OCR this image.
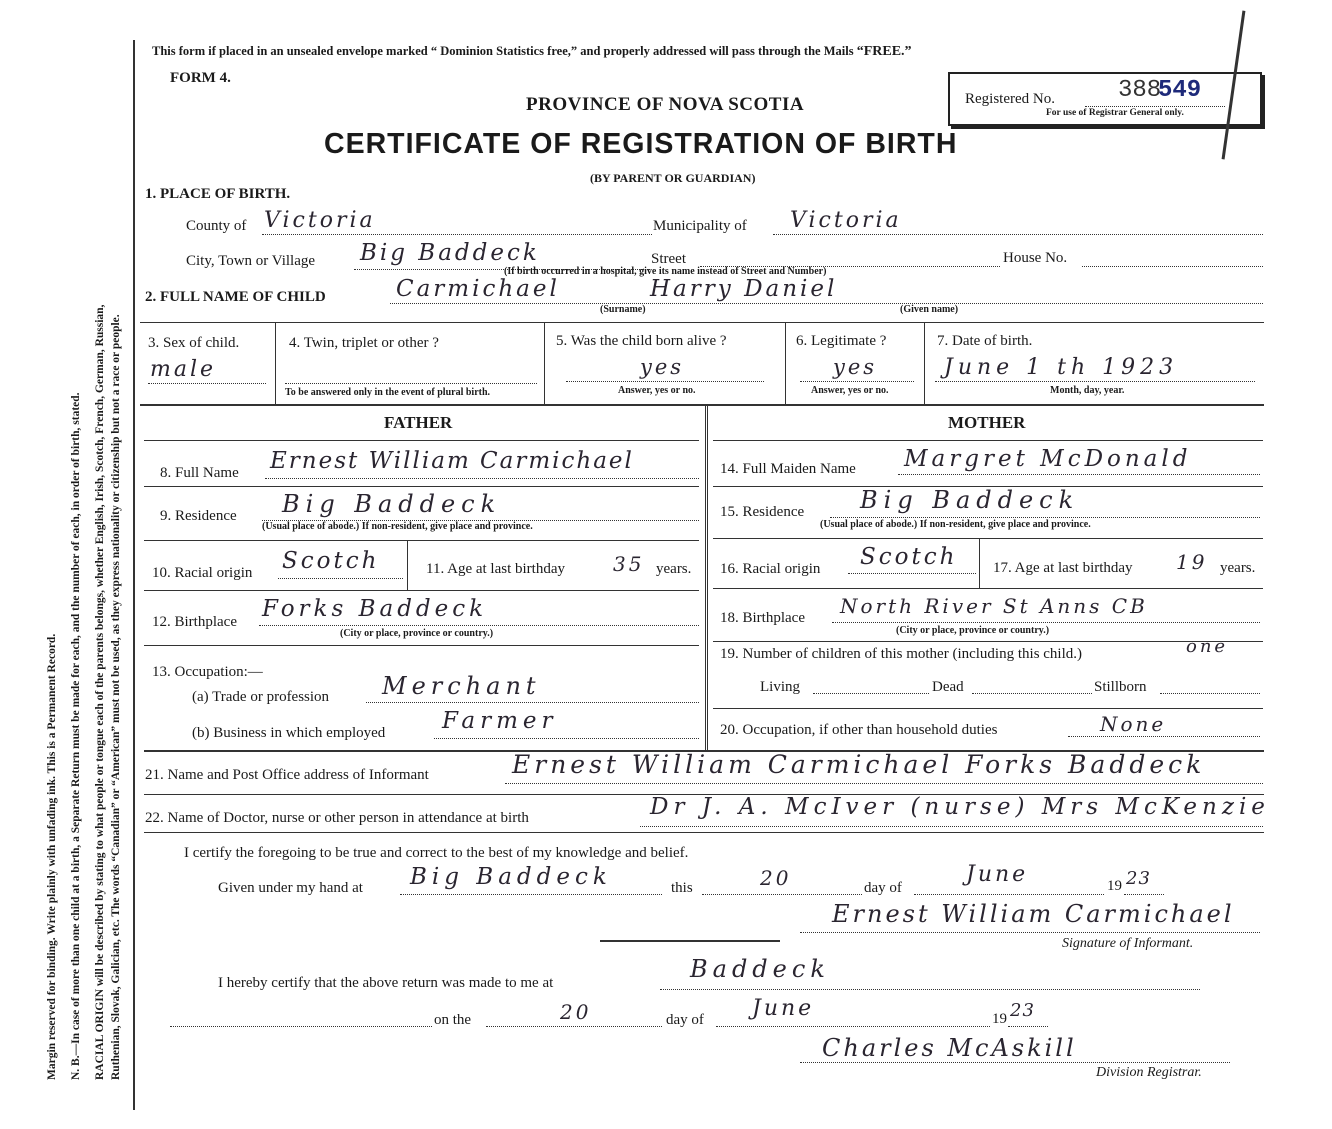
Margin reserved for binding. Write plainly with unfading ink. This is a Permanent Record. N. B.—In case of more than one child at a birth, a Separate Return must be made for each, and the number of each, in order of birth, stated. RACIAL ORIGIN will be described by stating to what people or tongue each of the parents belongs, whether English, Irish, Scotch, French, German, Russian, Ruthenian, Slovak, Galician, etc. The words “Canadian” or “American” must not be used, as they express nationality or citizenship but not a race or people.
This form if placed in an unsealed envelope marked “ Dominion Statistics free,” and properly addressed will pass through the Mails “FREE.”
FORM 4.
PROVINCE OF NOVA SCOTIA
CERTIFICATE OF REGISTRATION OF BIRTH
(BY PARENT OR GUARDIAN)
Registered No.	388
549
For use of Registrar General only.
1. PLACE OF BIRTH.
County of Victoria	Municipality of Victoria
City, Town or Village Big Baddeck	Street	House No.
(If birth occurred in a hospital, give its name instead of Street and Number)
2. FULL NAME OF CHILD	Carmichael	Harry Daniel
(Surname)	(Given name)
3. Sex of child.
male
4. Twin, triplet or other ?
To be answered only in the event of plural birth.
5. Was the child born alive ?
yes
Answer, yes or no.
6. Legitimate ?
yes
Answer, yes or no.
7. Date of birth.
June 1 th 1923
Month, day, year.
FATHER	MOTHER
8. Full Name Ernest William Carmichael
9. Residence Big Baddeck
(Usual place of abode.) If non-resident, give place and province.
10. Racial origin Scotch	11. Age at last birthday 35 years.
12. Birthplace Forks Baddeck
(City or place, province or country.)
13. Occupation:—
(a) Trade or profession Merchant
(b) Business in which employed Farmer
14. Full Maiden Name Margret McDonald
15. Residence Big Baddeck
(Usual place of abode.) If non-resident, give place and province.
16. Racial origin Scotch 17. Age at last birthday 19 years.
18. Birthplace North River St Anns CB
(City or place, province or country.)
19. Number of children of this mother (including this child.)	one
Living	Dead	Stillborn
20. Occupation, if other than household duties	None
21. Name and Post Office address of Informant	Ernest William Carmichael Forks Baddeck
22. Name of Doctor, nurse or other person in attendance at birth	Dr J. A. McIver (nurse) Mrs McKenzie
I certify the foregoing to be true and correct to the best of my knowledge and belief.
Given under my hand at Big Baddeck	this	20	day of
June	19 23
Ernest William Carmichael
Signature of Informant.
I hereby certify that the above return was made to me at	Baddeck
on the	20	day of June	19 23
Charles McAskill
Division Registrar.
